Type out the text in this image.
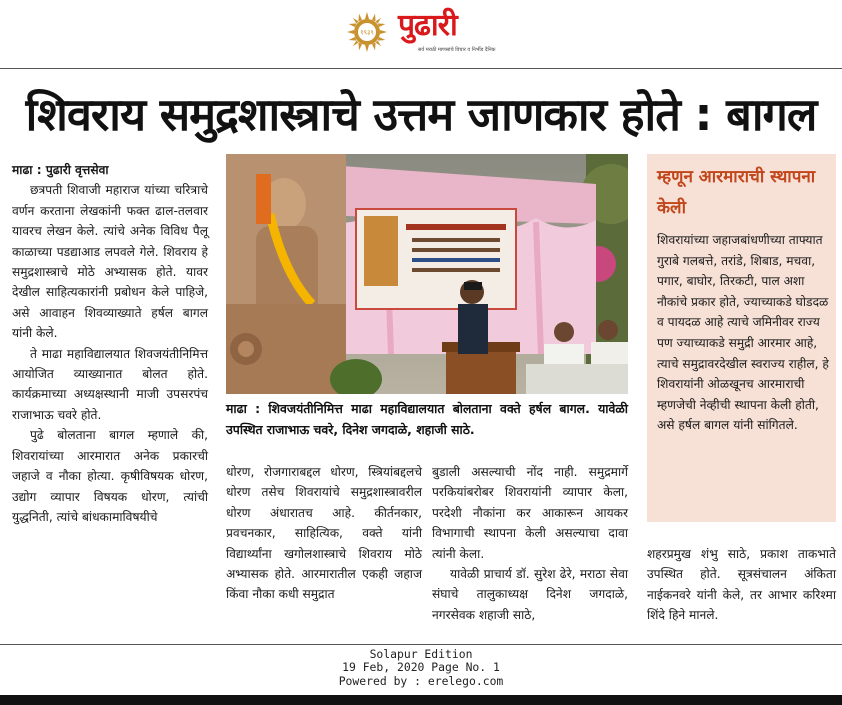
१९३९ पुढारी
सर्व मराठी माणसांचे विचार व निर्भीड दैनिक
शिवराय समुद्रशास्त्राचे उत्तम जाणकार होते : बागल

माढा : पुढारी वृत्तसेवा

छत्रपती शिवाजी महाराज यांच्या चरित्राचे वर्णन करताना लेखकांनी फक्त ढाल-तलवार यावरच लेखन केले. त्यांचे अनेक विविध पैलू काळाच्या पडद्याआड लपवले गेले. शिवराय हे समुद्रशास्त्राचे मोठे अभ्यासक होते. यावर देखील साहित्यकारांनी प्रबोधन केले पाहिजे, असे आवाहन शिवव्याख्याते हर्षल बागल यांनी केले.

ते माढा महाविद्यालयात शिवजयंतीनिमित्त आयोजित व्याख्यानात बोलत होते. कार्यक्रमाच्या अध्यक्षस्थानी माजी उपसरपंच राजाभाऊ चवरे होते.

पुढे बोलताना बागल म्हणाले की, शिवरायांच्या आरमारात अनेक प्रकारची जहाजे व नौका होत्या. कृषीविषयक धोरण, उद्योग व्यापार विषयक धोरण, त्यांची युद्धनिती, त्यांचे बांधकामाविषयीचे

माढा : शिवजयंतीनिमित्त माढा महाविद्यालयात बोलताना वक्ते हर्षल बागल. यावेळी उपस्थित राजाभाऊ चवरे, दिनेश जगदाळे, शहाजी साठे.

धोरण, रोजगाराबद्दल धोरण, स्त्रियांबद्दलचे धोरण तसेच शिवरायांचे समुद्रशास्त्रावरील धोरण अंधारातच आहे. कीर्तनकार, प्रवचनकार, साहित्यिक, वक्ते यांनी विद्यार्थ्यांना खगोलशास्त्राचे शिवराय मोठे अभ्यासक होते. आरमारातील एकही जहाज किंवा नौका कधी समुद्रात

बुडाली असल्याची नोंद नाही. समुद्रमार्गे परकियांबरोबर शिवरायांनी व्यापार केला, परदेशी नौकांना कर आकारून आयकर विभागाची स्थापना केली असल्याचा दावा त्यांनी केला.

यावेळी प्राचार्य डॉ. सुरेश ढेरे, मराठा सेवा संघाचे तालुकाध्यक्ष दिनेश जगदाळे, नगरसेवक शहाजी साठे,

म्हणून आरमाराची स्थापना केली
शिवरायांच्या जहाजबांधणीच्या ताफ्यात गुराबे गलबत्ते, तरांडे, शिबाड, मचवा, पगार, बाघोर, तिरकटी, पाल अशा नौकांचे प्रकार होते, ज्याच्याकडे घोडदळ व पायदळ आहे त्याचे जमिनीवर राज्य पण ज्याच्याकडे समुद्री आरमार आहे, त्याचे समुद्रावरदेखील स्वराज्य राहील, हे शिवरायांनी ओळखूनच आरमाराची म्हणजेची नेव्हीची स्थापना केली होती, असे हर्षल बागल यांनी सांगितले.

शहरप्रमुख शंभु साठे, प्रकाश ताकभाते उपस्थित होते. सूत्रसंचालन अंकिता नाईकनवरे यांनी केले, तर आभार करिश्मा शिंदे हिने मानले.

Solapur Edition
19 Feb, 2020 Page No. 1
Powered by : erelego.com
